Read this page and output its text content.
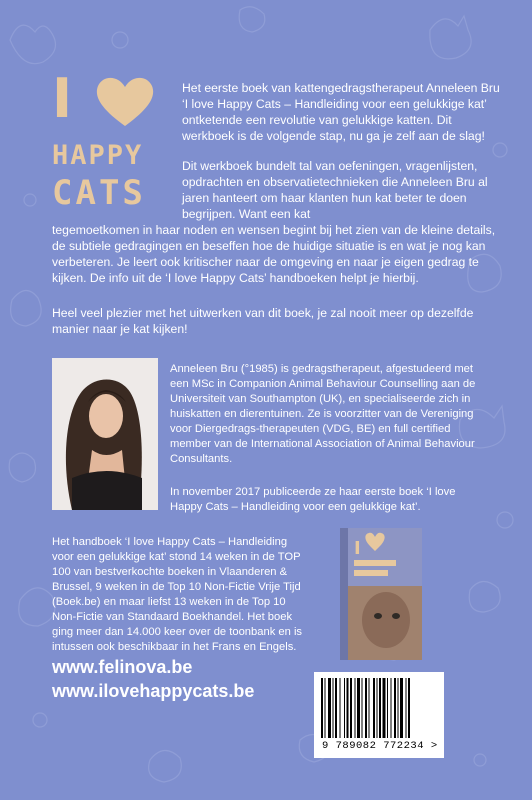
I
HAPPY
CATS

Het eerste boek van kattengedragstherapeut Anneleen Bru ‘I love Happy Cats – Handleiding voor een gelukkige kat’ ontketende een revolutie van gelukkige katten. Dit werkboek is de volgende stap, nu ga je zelf aan de slag!

Dit werkboek bundelt tal van oefeningen, vragenlijsten, opdrachten en observatietechnieken die Anneleen Bru al jaren hanteert om haar klanten hun kat beter te doen begrijpen. Want een kat

tegemoetkomen in haar noden en wensen begint bij het zien van de kleine details, de subtiele gedragingen en beseffen hoe de huidige situatie is en wat je nog kan verbeteren. Je leert ook kritischer naar de omgeving en naar je eigen gedrag te kijken. De info uit de ‘I love Happy Cats’ handboeken helpt je hierbij.

Heel veel plezier met het uitwerken van dit boek, je zal nooit meer op dezelfde manier naar je kat kijken!

Anneleen Bru (°1985) is gedragstherapeut, afgestudeerd met een MSc in Companion Animal Behaviour Counselling aan de Universiteit van Southampton (UK), en specialiseerde zich in huiskatten en dierentuinen. Ze is voorzitter van de Vereniging voor Diergedrags-therapeuten (VDG, BE) en full certified member van de International Association of Animal Behaviour Consultants.

In november 2017 publiceerde ze haar eerste boek ‘I love Happy Cats – Handleiding voor een gelukkige kat’.

Het handboek ‘I love Happy Cats – Handleiding voor een gelukkige kat’ stond 14 weken in de TOP 100 van bestverkochte boeken in Vlaanderen & Brussel, 9 weken in de Top 10 Non-Fictie Vrije Tijd (Boek.be) en maar liefst 13 weken in de Top 10 Non-Fictie van Standaard Boekhandel. Het boek ging meer dan 14.000 keer over de toonbank en is intussen ook beschikbaar in het Frans en Engels.

I

www.felinova.be

www.ilovehappycats.be

9 789082 772234 >
